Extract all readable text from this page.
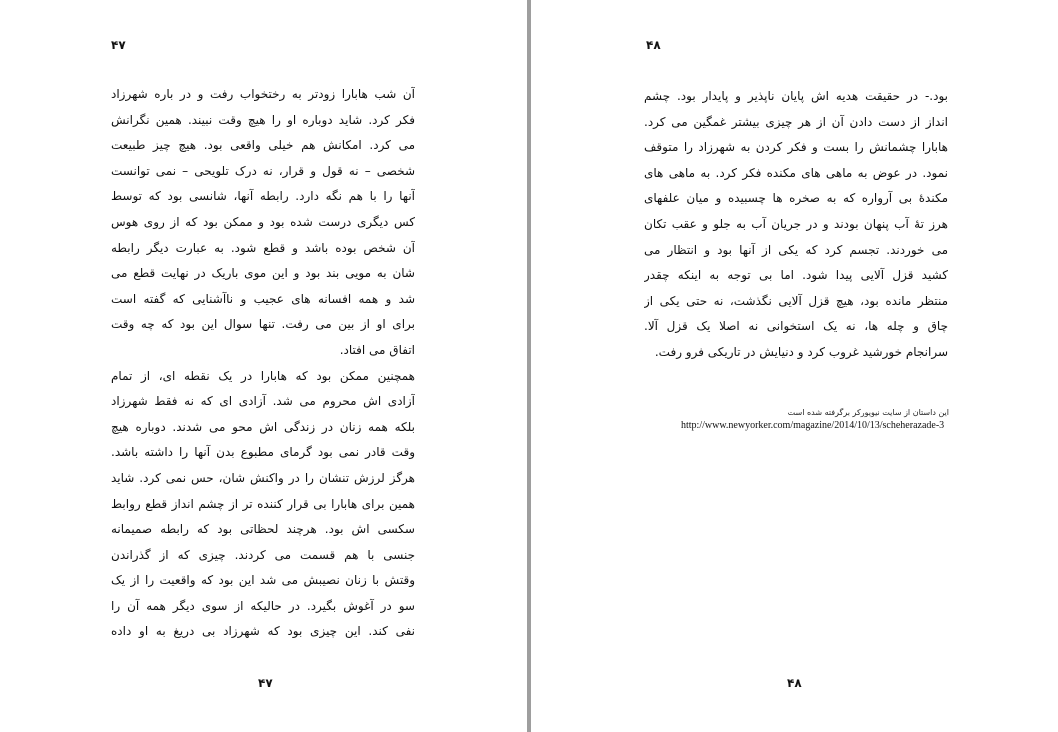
۴۷
آن شب هابارا زودتر به رختخواب رفت و در باره شهرزاد
فکر کرد. شاید دوباره او را هیچ وقت نبیند. همین نگرانش
می کرد. امکانش هم خیلی واقعی بود. هیچ چیز طبیعت
شخصی – نه قول و قرار، نه درک تلویحی – نمی توانست
آنها را با هم نگه دارد. رابطه آنها، شانسی بود که توسط
کس دیگری درست شده بود و ممکن بود که از روی هوس
آن شخص بوده باشد و قطع شود. به عبارت دیگر رابطه
شان به مویی بند بود و این موی باریک در نهایت قطع می
شد و همه افسانه های عجیب و ناآشنایی که گفته است
برای او از بین می رفت. تنها سوال این بود که چه وقت
اتفاق می افتاد.
همچنین ممکن بود که هابارا در یک نقطه ای، از تمام
آزادی اش محروم می شد. آزادی ای که نه فقط شهرزاد
بلکه همه زنان در زندگی اش محو می شدند. دوباره هیچ
وقت قادر نمی بود گرمای مطبوع بدن آنها را داشته باشد.
هرگز لرزش تنشان را در واکنش شان، حس نمی کرد. شاید
همین برای هابارا بی قرار کننده تر از چشم انداز قطع روابط
سکسی اش بود. هرچند لحظاتی بود که رابطه صمیمانه
جنسی با هم قسمت می کردند. چیزی که از گذراندن
وقتش با زنان نصیبش می شد این بود که واقعیت را از یک
سو در آغوش بگیرد. در حالیکه از سوی دیگر همه آن را
نفی کند. این چیزی بود که شهرزاد بی دریغ به او داده
۴۷
۴۸
بود.- در حقیقت هدیه اش پایان ناپذیر و پایدار بود. چشم
انداز از دست دادن آن از هر چیزی بیشتر غمگین می کرد.
هابارا چشمانش را بست و فکر کردن به شهرزاد را متوقف
نمود. در عوض به ماهی های مکنده فکر کرد. به ماهی های
مکندهٔ بی آرواره که به صخره ها چسبیده و میان علفهای
هرز تهٔ آب پنهان بودند و در جریان آب به جلو و عقب تکان
می خوردند. تجسم کرد که یکی از آنها بود و انتظار می
کشید قزل آلایی پیدا شود. اما بی توجه به اینکه چقدر
منتظر مانده بود، هیچ قزل آلایی نگذشت، نه حتی یکی از
چاق و چله ها، نه یک استخوانی نه اصلا یک قزل آلا.
سرانجام خورشید غروب کرد و دنیایش در تاریکی فرو رفت.
این داستان از سایت نیویورکر برگرفته شده است
http://www.newyorker.com/magazine/2014/10/13/scheherazade-3
۴۸
